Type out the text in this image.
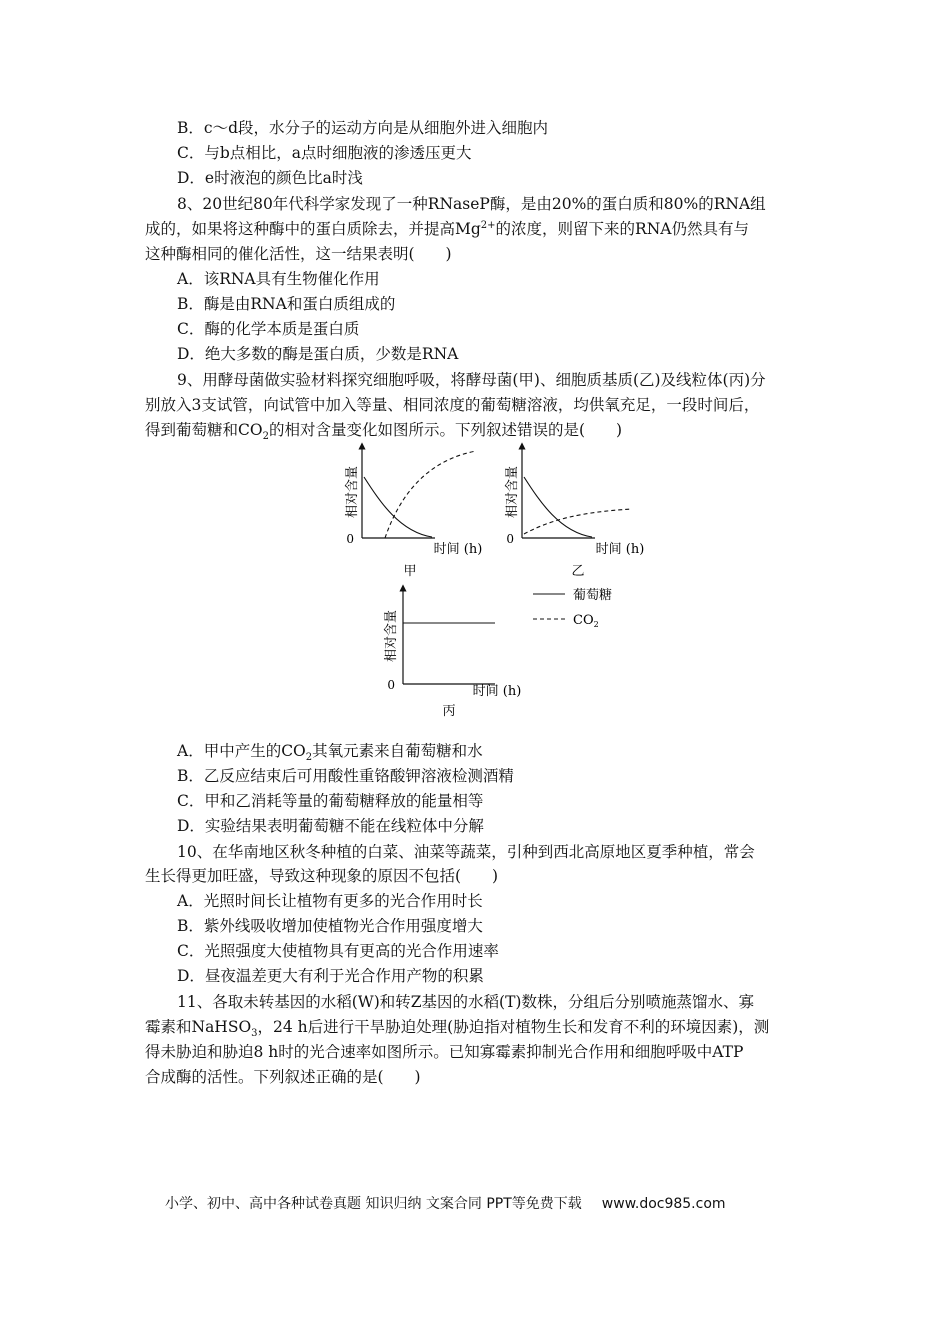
B．c～d段，水分子的运动方向是从细胞外进入细胞内
C．与b点相比，a点时细胞液的渗透压更大
D．e时液泡的颜色比a时浅
8、20世纪80年代科学家发现了一种RNaseP酶，是由20%的蛋白质和80%的RNA组
成的，如果将这种酶中的蛋白质除去，并提高$Mg^{2+}$的浓度，则留下来的RNA仍然具有与
这种酶相同的催化活性，这一结果表明(　　)
A．该RNA具有生物催化作用
B．酶是由RNA和蛋白质组成的
C．酶的化学本质是蛋白质
D．绝大多数的酶是蛋白质，少数是RNA
9、用酵母菌做实验材料探究细胞呼吸，将酵母菌(甲)、细胞质基质(乙)及线粒体(丙)分
别放入3支试管，向试管中加入等量、相同浓度的葡萄糖溶液，均供氧充足，一段时间后，
得到葡萄糖和$CO_2$的相对含量变化如图所示。下列叙述错误的是(　　)
相对含量
0
时间 (h)
甲
相对含量
0
时间 (h)
乙
相对含量
0	时间 (h)
丙
葡萄糖
$CO_2$
A．甲中产生的$CO_2$其氧元素来自葡萄糖和水
B．乙反应结束后可用酸性重铬酸钾溶液检测酒精
C．甲和乙消耗等量的葡萄糖释放的能量相等
D．实验结果表明葡萄糖不能在线粒体中分解
10、在华南地区秋冬种植的白菜、油菜等蔬菜，引种到西北高原地区夏季种植，常会
生长得更加旺盛，导致这种现象的原因不包括(　　)
A．光照时间长让植物有更多的光合作用时长
B．紫外线吸收增加使植物光合作用强度增大
C．光照强度大使植物具有更高的光合作用速率
D．昼夜温差更大有利于光合作用产物的积累
11、各取未转基因的水稻(W)和转Z基因的水稻(T)数株，分组后分别喷施蒸馏水、寡
霉素和NaHSO$_3$，24 h后进行干旱胁迫处理(胁迫指对植物生长和发育不利的环境因素)，测
得未胁迫和胁迫8 h时的光合速率如图所示。已知寡霉素抑制光合作用和细胞呼吸中ATP
合成酶的活性。下列叙述正确的是(　　)
小学、初中、高中各种试卷真题 知识归纳 文案合同 PPT等免费下载 www.doc985.com
